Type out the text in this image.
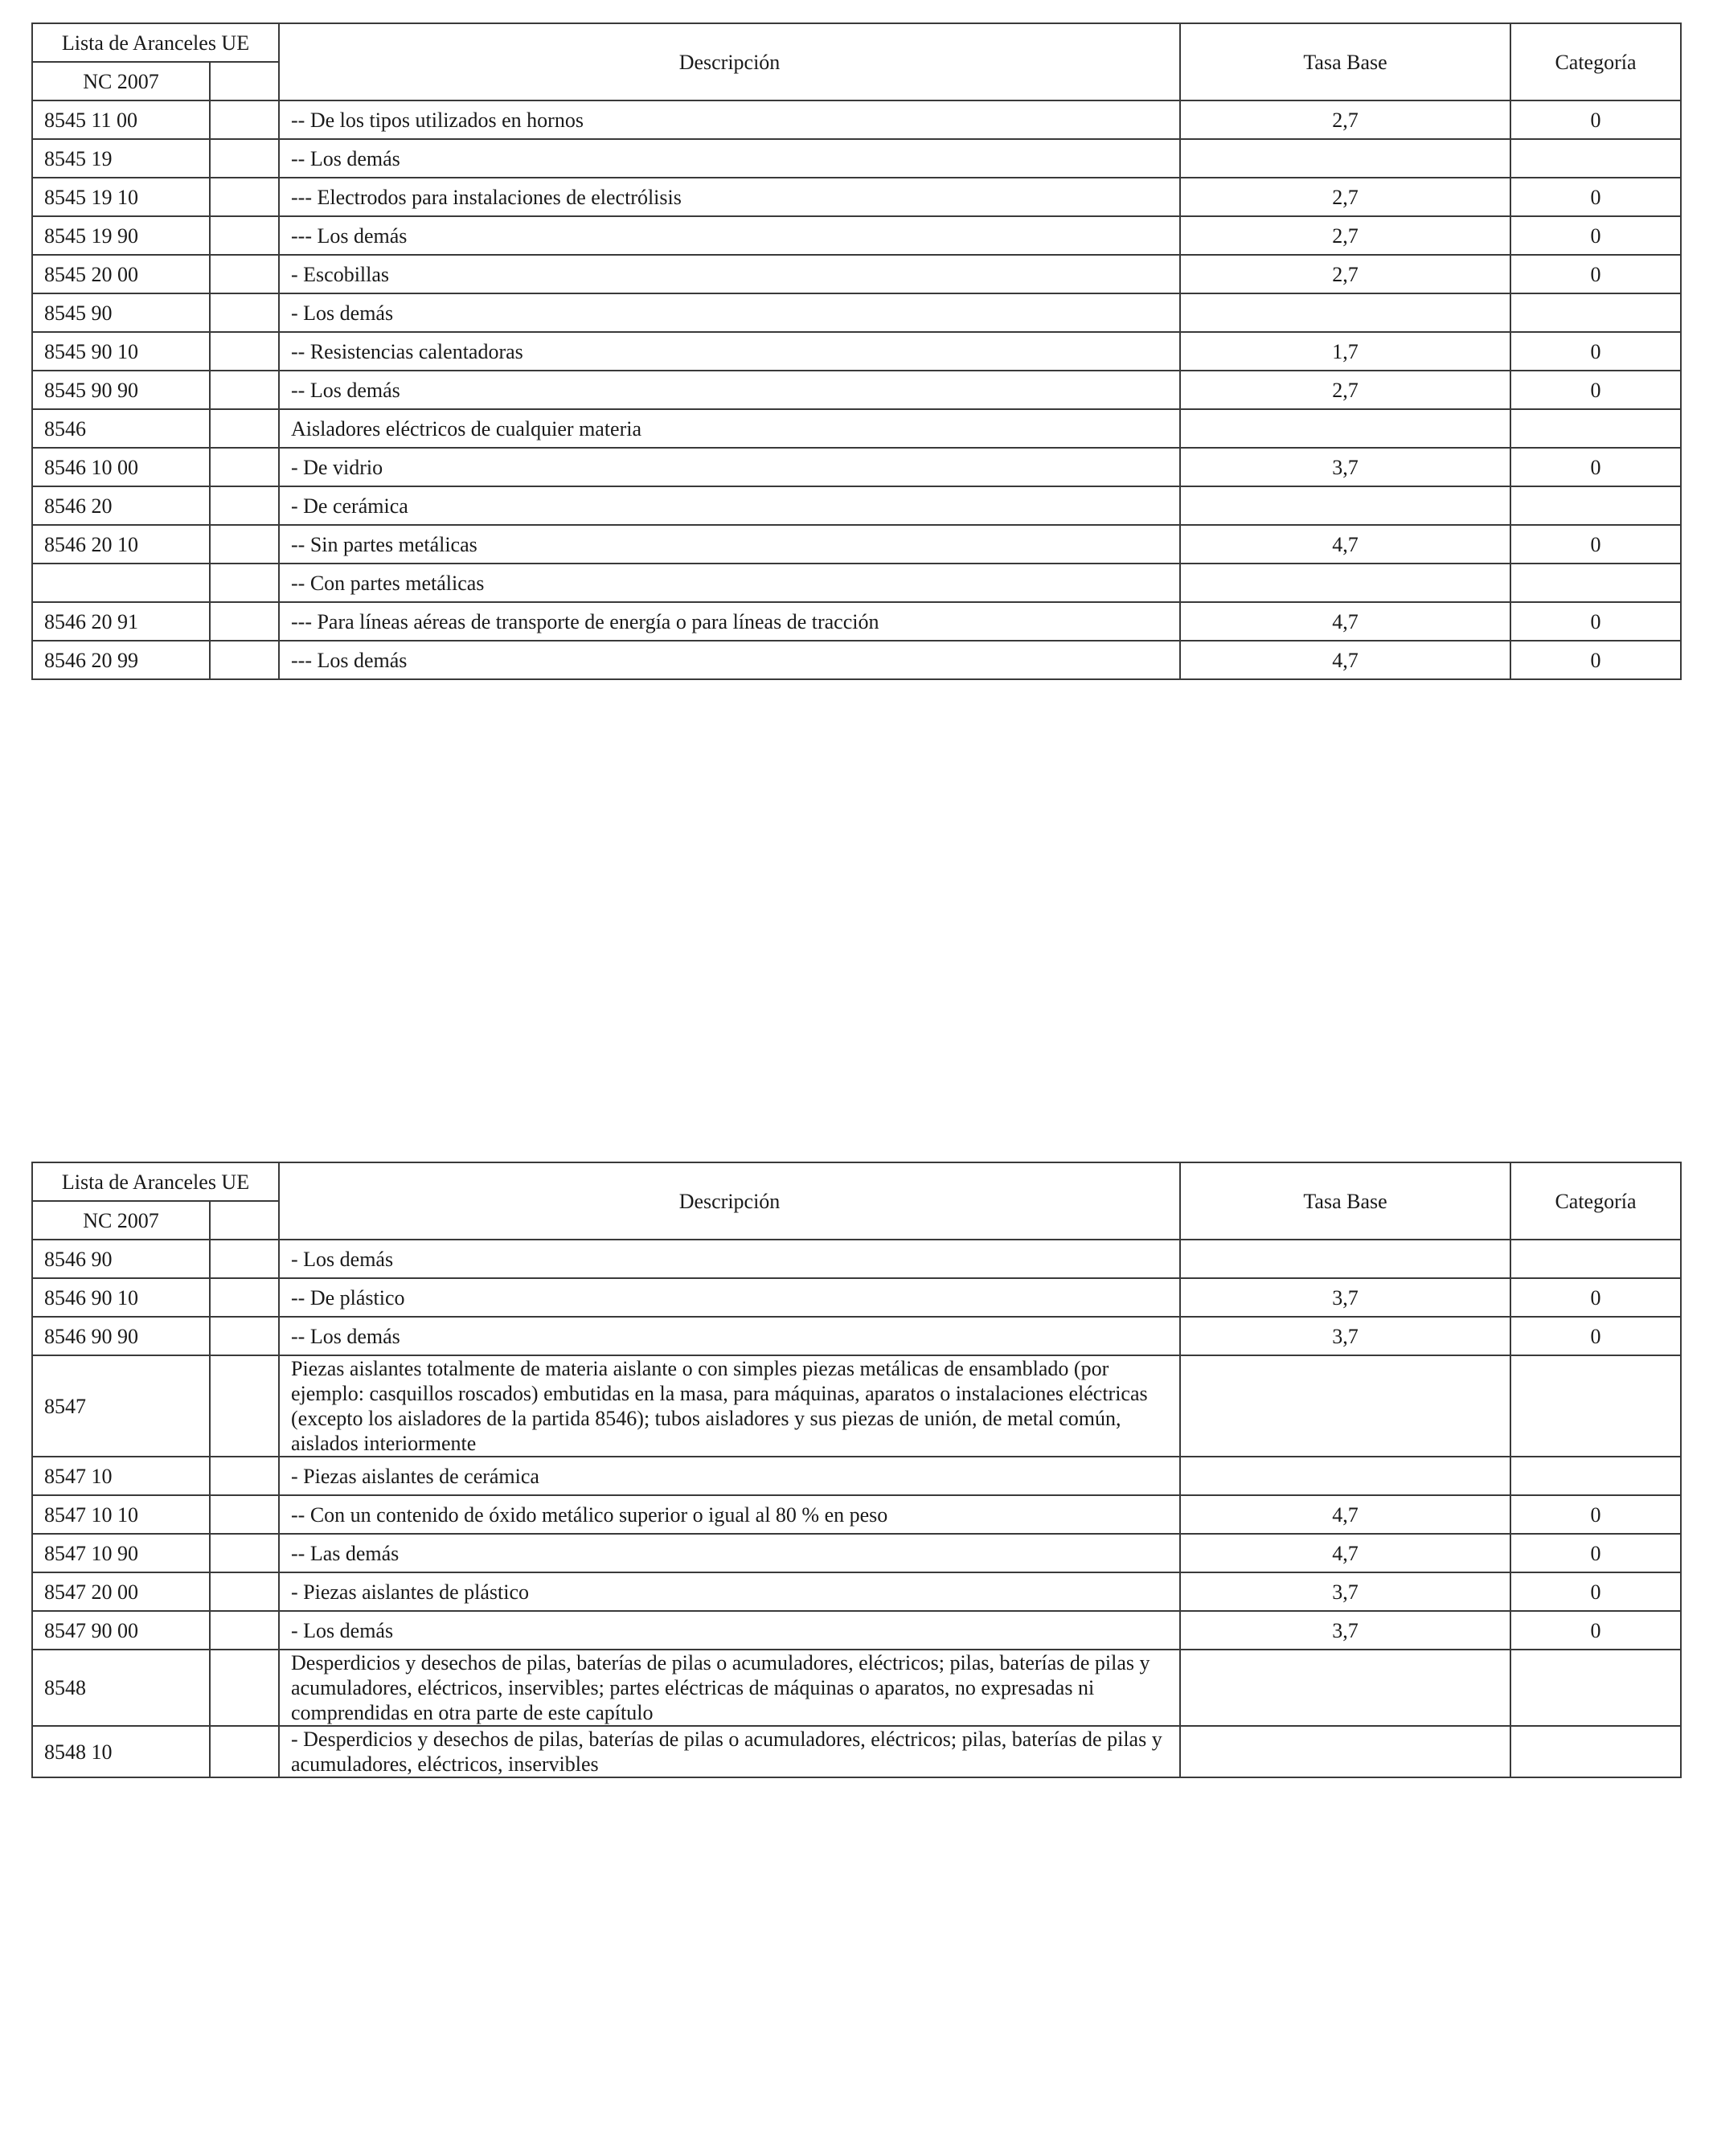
Lista de Aranceles UE		Descripción	Tasa Base	Categoría
NC 2007				
8545 11 00		-- De los tipos utilizados en hornos	2,7	0
8545 19		-- Los demás		
8545 19 10		--- Electrodos para instalaciones de electrólisis	2,7	0
8545 19 90		--- Los demás	2,7	0
8545 20 00		- Escobillas	2,7	0
8545 90		- Los demás		
8545 90 10		-- Resistencias calentadoras	1,7	0
8545 90 90		-- Los demás	2,7	0
8546		Aisladores eléctricos de cualquier materia		
8546 10 00		- De vidrio	3,7	0
8546 20		- De cerámica		
8546 20 10		-- Sin partes metálicas	4,7	0
		-- Con partes metálicas		
8546 20 91		--- Para líneas aéreas de transporte de energía o para líneas de tracción	4,7	0
8546 20 99		--- Los demás	4,7	0
Lista de Aranceles UE		Descripción	Tasa Base	Categoría
NC 2007				
8546 90		- Los demás		
8546 90 10		-- De plástico	3,7	0
8546 90 90		-- Los demás	3,7	0
8547		Piezas aislantes totalmente de materia aislante o con simples piezas metálicas de ensamblado (por ejemplo: casquillos roscados) embutidas en la masa, para máquinas, aparatos o instalaciones eléctricas (excepto los aisladores de la partida 8546); tubos aisladores y sus piezas de unión, de metal común, aislados interiormente		
8547 10		- Piezas aislantes de cerámica		
8547 10 10		-- Con un contenido de óxido metálico superior o igual al 80 % en peso	4,7	0
8547 10 90		-- Las demás	4,7	0
8547 20 00		- Piezas aislantes de plástico	3,7	0
8547 90 00		- Los demás	3,7	0
8548		Desperdicios y desechos de pilas, baterías de pilas o acumuladores, eléctricos; pilas, baterías de pilas y acumuladores, eléctricos, inservibles; partes eléctricas de máquinas o aparatos, no expresadas ni comprendidas en otra parte de este capítulo		
8548 10		- Desperdicios y desechos de pilas, baterías de pilas o acumuladores, eléctricos; pilas, baterías de pilas y acumuladores, eléctricos, inservibles		
